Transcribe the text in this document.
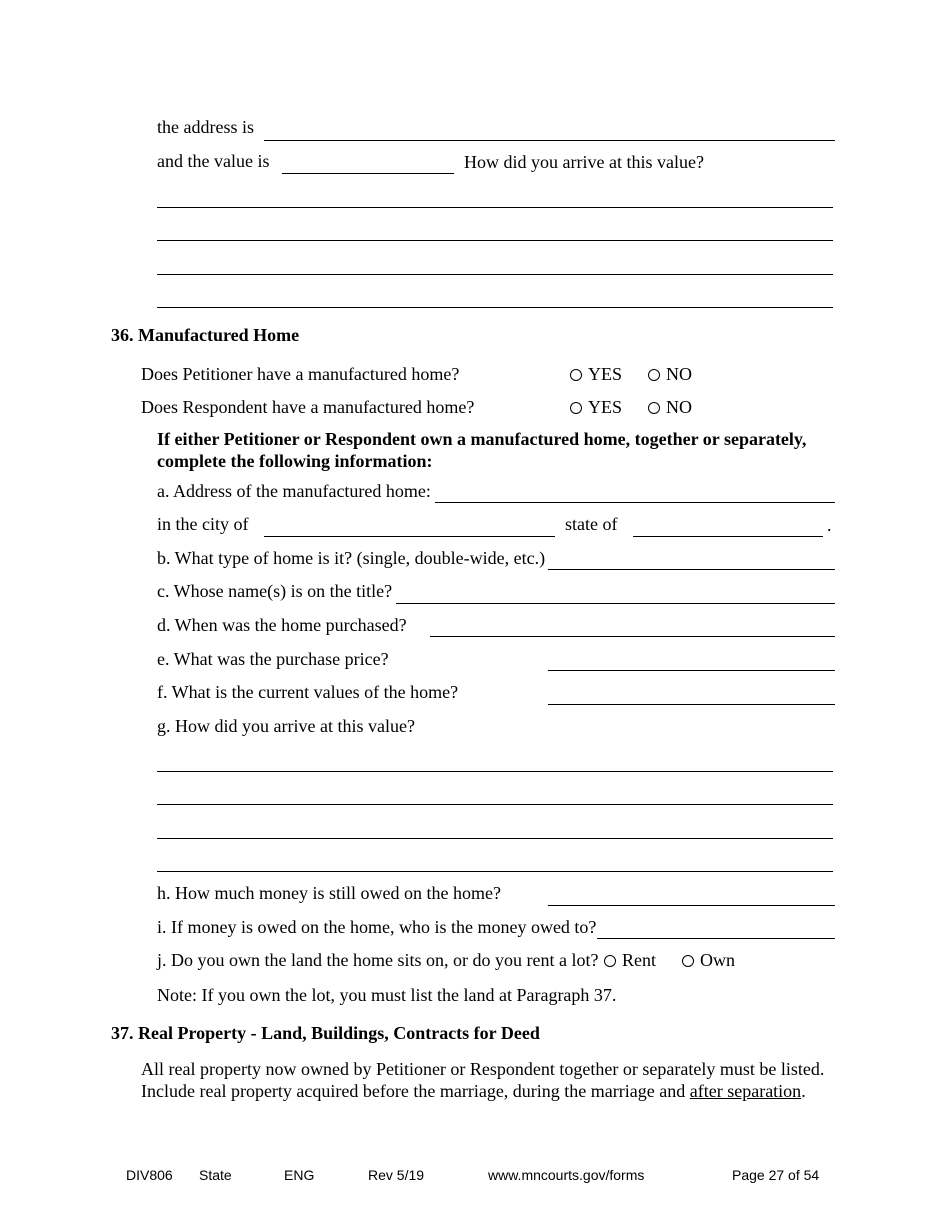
the address is
and the value is	How did you arrive at this value?
36. Manufactured Home
Does Petitioner have a manufactured home?	YES	NO
Does Respondent have a manufactured home?	YES	NO
If either Petitioner or Respondent own a manufactured home, together or separately, complete the following information:
a. Address of the manufactured home:
in the city of	state of	.
b. What type of home is it? (single, double-wide, etc.)
c. Whose name(s) is on the title?
d. When was the home purchased?
e. What was the purchase price?
f. What is the current values of the home?
g. How did you arrive at this value?
h. How much money is still owed on the home?
i. If money is owed on the home, who is the money owed to?
j. Do you own the land the home sits on, or do you rent a lot?	Rent	Own
Note: If you own the lot, you must list the land at Paragraph 37.
37. Real Property - Land, Buildings, Contracts for Deed
All real property now owned by Petitioner or Respondent together or separately must be listed.
Include real property acquired before the marriage, during the marriage and after separation.
DIV806 State	ENG	Rev 5/19	www.mncourts.gov/forms	Page 27 of 54
